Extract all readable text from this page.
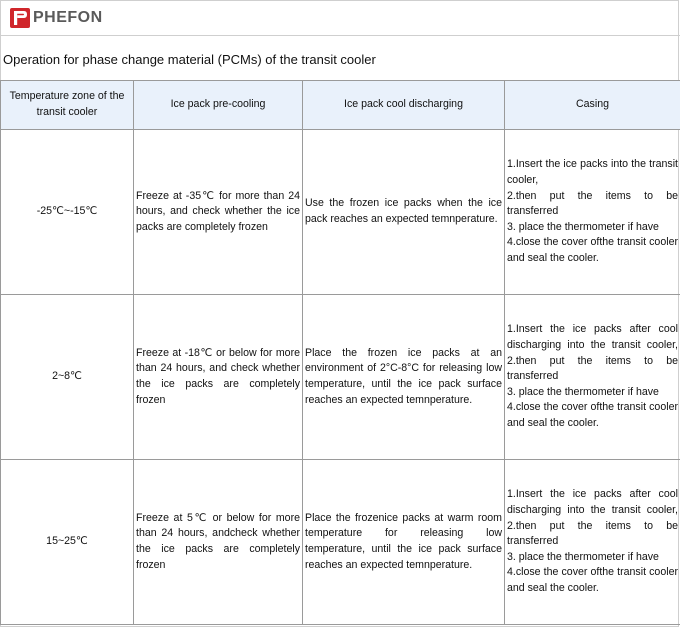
PHEFON
Operation for phase change material (PCMs) of the transit cooler
Temperature zone of the transit cooler	Ice pack pre-cooling	Ice pack cool discharging	Casing
-25℃~-15℃	Freeze at -35℃ for more than 24 hours, and check whether the ice packs are completely frozen	Use the frozen ice packs when the ice pack reaches an expected temnperature.	1.Insert the ice packs into the transit cooler,
2.then put the items to be transferred
3. place the thermometer if have
4.close the cover ofthe transit cooler and seal the cooler.

2~8℃	Freeze at -18℃ or below for more than 24 hours, and check whether the ice packs are completely frozen	Place the frozen ice packs at an environment of 2°C-8°C for releasing low temperature, until the ice pack surface reaches an expected temnperature.	1.Insert the ice packs after cool discharging into the transit cooler,
2.then put the items to be transferred
3. place the thermometer if have
4.close the cover ofthe transit cooler and seal the cooler.

15~25℃	Freeze at 5℃ or below for more than 24 hours, andcheck whether the ice packs are completely frozen	Place the frozenice packs at warm room temperature for releasing low temperature, until the ice pack surface reaches an expected temnperature.	1.Insert the ice packs after cool discharging into the transit cooler,
2.then put the items to be transferred
3. place the thermometer if have
4.close the cover ofthe transit cooler and seal the cooler.
